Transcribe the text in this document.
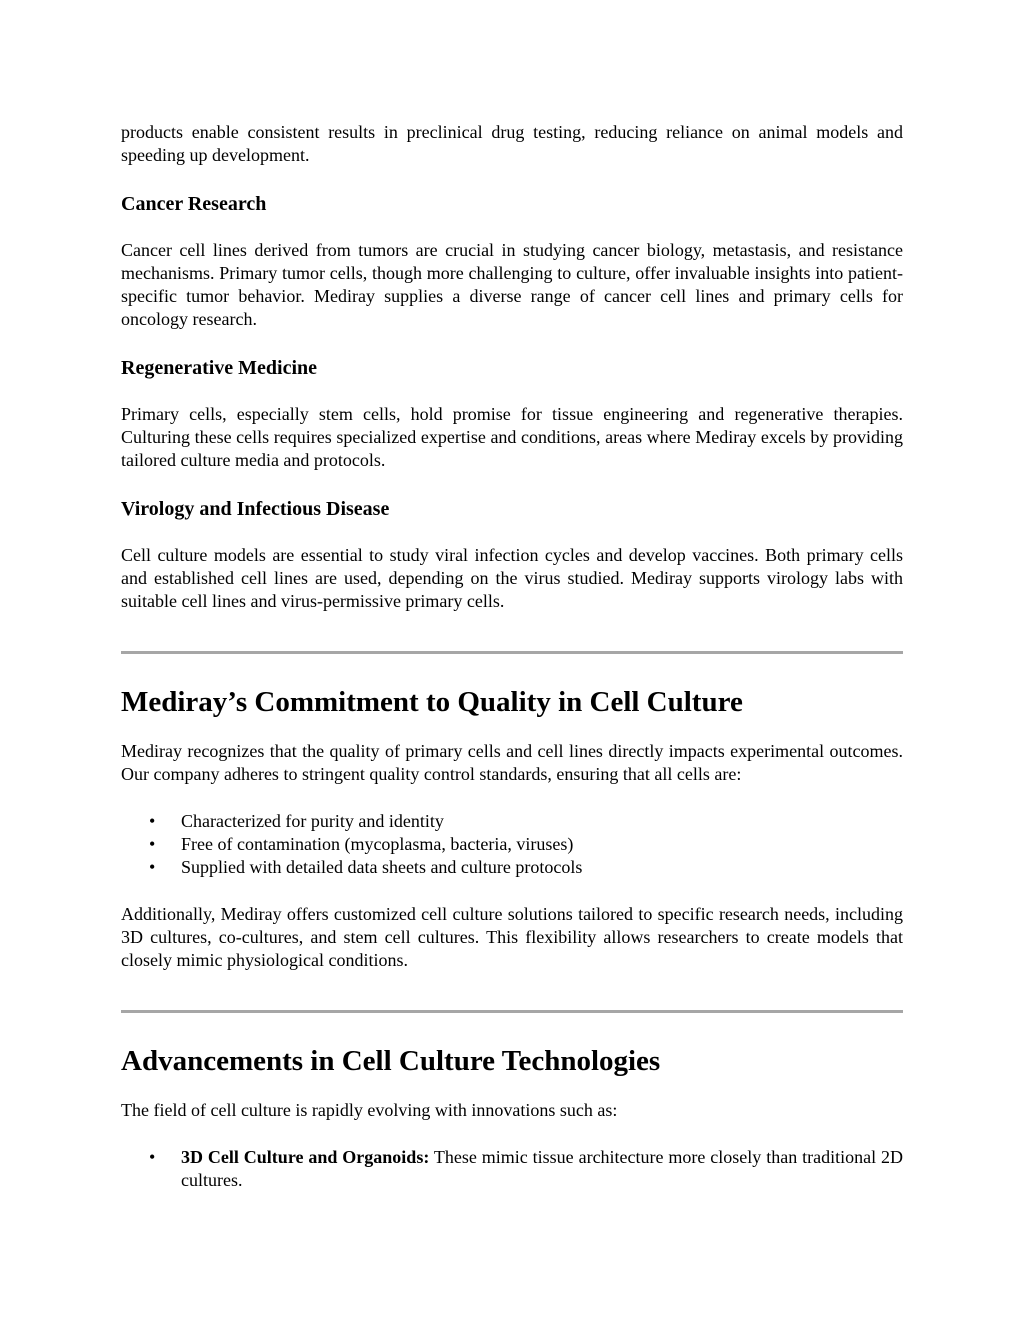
products enable consistent results in preclinical drug testing, reducing reliance on animal models and speeding up development.

Cancer Research

Cancer cell lines derived from tumors are crucial in studying cancer biology, metastasis, and resistance mechanisms. Primary tumor cells, though more challenging to culture, offer invaluable insights into patient-specific tumor behavior. Mediray supplies a diverse range of cancer cell lines and primary cells for oncology research.

Regenerative Medicine

Primary cells, especially stem cells, hold promise for tissue engineering and regenerative therapies. Culturing these cells requires specialized expertise and conditions, areas where Mediray excels by providing tailored culture media and protocols.

Virology and Infectious Disease

Cell culture models are essential to study viral infection cycles and develop vaccines. Both primary cells and established cell lines are used, depending on the virus studied. Mediray supports virology labs with suitable cell lines and virus-permissive primary cells.

Mediray’s Commitment to Quality in Cell Culture

Mediray recognizes that the quality of primary cells and cell lines directly impacts experimental outcomes. Our company adheres to stringent quality control standards, ensuring that all cells are:

• Characterized for purity and identity
• Free of contamination (mycoplasma, bacteria, viruses)
• Supplied with detailed data sheets and culture protocols

Additionally, Mediray offers customized cell culture solutions tailored to specific research needs, including 3D cultures, co-cultures, and stem cell cultures. This flexibility allows researchers to create models that closely mimic physiological conditions.

Advancements in Cell Culture Technologies

The field of cell culture is rapidly evolving with innovations such as:

• 3D Cell Culture and Organoids: These mimic tissue architecture more closely than traditional 2D cultures.
